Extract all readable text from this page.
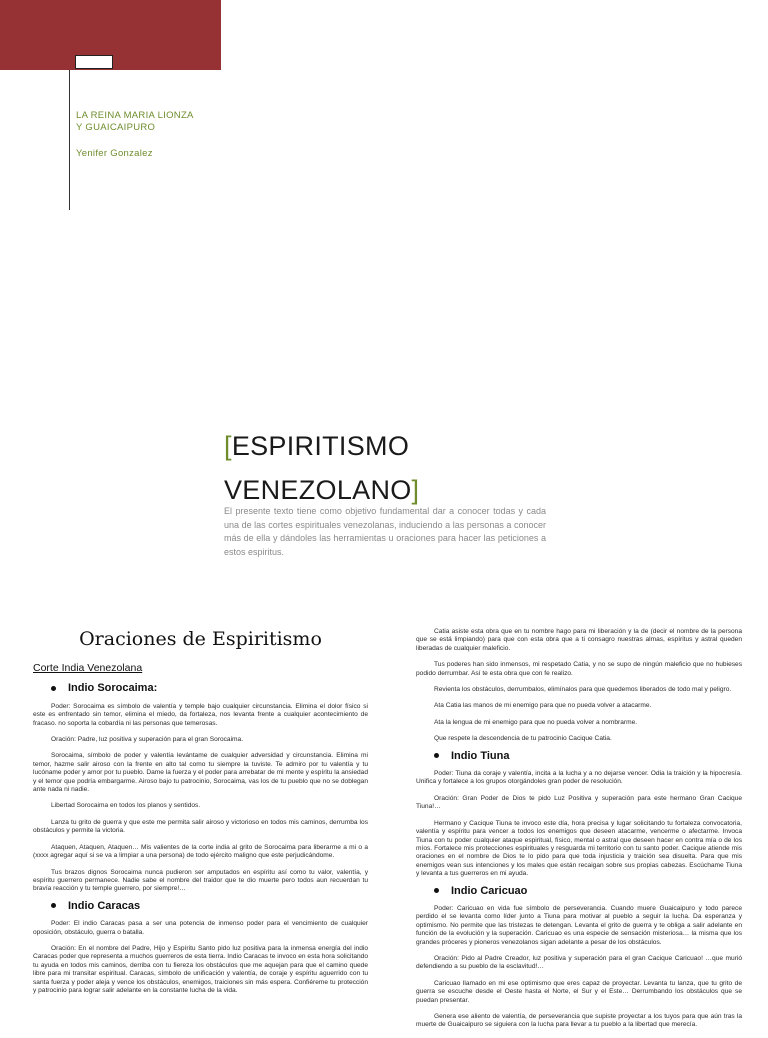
LA REINA MARIA LIONZA
Y GUAICAIPURO
Yenifer Gonzalez
[ESPIRITISMO
VENEZOLANO]
El presente texto tiene como objetivo fundamental dar a conocer todas y cada una de las cortes espirituales venezolanas, induciendo a las personas a conocer más de ella y dándoles las herramientas u oraciones para hacer las peticiones a estos espiritus.
Oraciones de Espiritismo
Corte India Venezolana
Indio Sorocaima:
Poder: Sorocaima es símbolo de valentía y temple bajo cualquier circunstancia. Elimina el dolor físico si este es enfrentado sin temor, elimina el miedo, da fortaleza, nos levanta frente a cualquier acontecimiento de fracaso. no soporta la cobardía ni las personas que temerosas.
Oración: Padre, luz positiva y superación para el gran Sorocaima.
Sorocaima, símbolo de poder y valentía levántame de cualquier adversidad y circunstancia. Elimina mi temor, hazme salir airoso con la frente en alto tal como tu siempre la tuviste. Te admiro por tu valentía y tu lucóname poder y amor por tu pueblo. Dame la fuerza y el poder para arrebatar de mi mente y espíritu la ansiedad y el temor que podría embargarme. Airoso bajo tu patrocinio, Sorocaima, vas los de tu pueblo que no se doblegan ante nada ni nadie.
Libertad Sorocaima en todos los planos y sentidos.
Lanza tu grito de guerra y que este me permita salir airoso y victorioso en todos mis caminos, derrumba los obstáculos y permite la victoria.
Ataquen, Ataquen, Ataquen… Mis valientes de la corte india al grito de Sorocaima para liberarme a mi o a (xxxx agregar aquí si se va a limpiar a una persona) de todo ejército maligno que este perjudicándome.
Tus brazos dignos Sorocaima nunca pudieron ser amputados en espíritu así como tu valor, valentía, y espíritu guerrero permanece. Nadie sabe el nombre del traidor que te dio muerte pero todos aun recuerdan tu bravía reacción y tu temple guerrero, por siempre!…
Indio Caracas
Poder: El indio Caracas pasa a ser una potencia de inmenso poder para el vencimiento de cualquier oposición, obstáculo, guerra o batalla.
Oración: En el nombre del Padre, Hijo y Espíritu Santo pido luz positiva para la inmensa energía del indio Caracas poder que representa a muchos guerreros de esta tierra. Indio Caracas te invoco en esta hora solicitando tu ayuda en todos mis caminos, derriba con tu fiereza los obstáculos que me aquejan para que el camino quede libre para mi transitar espiritual. Caracas, símbolo de unificación y valentía, de coraje y espíritu aguerrido con tu santa fuerza y poder aleja y vence los obstáculos, enemigos, traiciones sin más espera. Confiéreme tu protección y patrocinio para lograr salir adelante en la constante lucha de la vida.
Catia asiste esta obra que en tu nombre hago para mi liberación y la de (decir el nombre de la persona que se está limpiando) para que con esta obra que a ti consagro nuestras almas, espíritus y astral queden liberadas de cualquier maleficio.
Tus poderes han sido inmensos, mi respetado Catia, y no se supo de ningún maleficio que no hubieses podido derrumbar. Así te esta obra que con fe realizo.
Revienta los obstáculos, derrumbalos, elimínalos para que quedemos liberados de todo mal y peligro.
Ata Catia las manos de mi enemigo para que no pueda volver a atacarme.
Ata la lengua de mi enemigo para que no pueda volver a nombrarme.
Que respete la descendencia de tu patrocinio Cacique Catia.
Indio Tiuna
Poder: Tiuna da coraje y valentía, incita a la lucha y a no dejarse vencer. Odia la traición y la hipocresía. Unifica y fortalece a los grupos otorgándoles gran poder de resolución.
Oración: Gran Poder de Dios te pido Luz Positiva y superación para este hermano Gran Cacique Tiuna!…
Hermano y Cacique Tiuna te invoco este día, hora precisa y lugar solicitando tu fortaleza convocatoria, valentía y espíritu para vencer a todos los enemigos que deseen atacarme, vencerme o afectarme. Invoca Tiuna con tu poder cualquier ataque espiritual, físico, mental o astral que deseen hacer en contra mía o de los míos. Fortalece mis protecciones espirituales y resguarda mi territorio con tu santo poder. Cacique atiende mis oraciones en el nombre de Dios te lo pido para que toda injusticia y traición sea disuelta. Para que mis enemigos vean sus intenciones y los males que están recaigan sobre sus propias cabezas. Escúchame Tiuna y levanta a tus guerreros en mi ayuda.
Indio Caricuao
Poder: Caricuao en vida fue símbolo de perseverancia. Cuando muere Guaicaipuro y todo parece perdido el se levanta como líder junto a Tiuna para motivar al pueblo a seguir la lucha. Da esperanza y optimismo. No permite que las tristezas te detengan. Levanta el grito de guerra y te obliga a salir adelante en función de la evolución y la superación. Caricuao es una especie de sensación misteriosa… la misma que los grandes próceres y pioneros venezolanos sigan adelante a pesar de los obstáculos.
Oración: Pido al Padre Creador, luz positiva y superación para el gran Cacique Caricuao! …que murió defendiendo a su pueblo de la esclavitud!…
Caricuao llamado en mi ese optimismo que eres capaz de proyectar. Levanta tu lanza, que tu grito de guerra se escuche desde el Oeste hasta el Norte, el Sur y el Este… Derrumbando los obstáculos que se puedan presentar.
Genera ese aliento de valentía, de perseverancia que supiste proyectar a los tuyos para que aún tras la muerte de Guaicaipuro se siguiera con la lucha para llevar a tu pueblo a la libertad que merecía.
